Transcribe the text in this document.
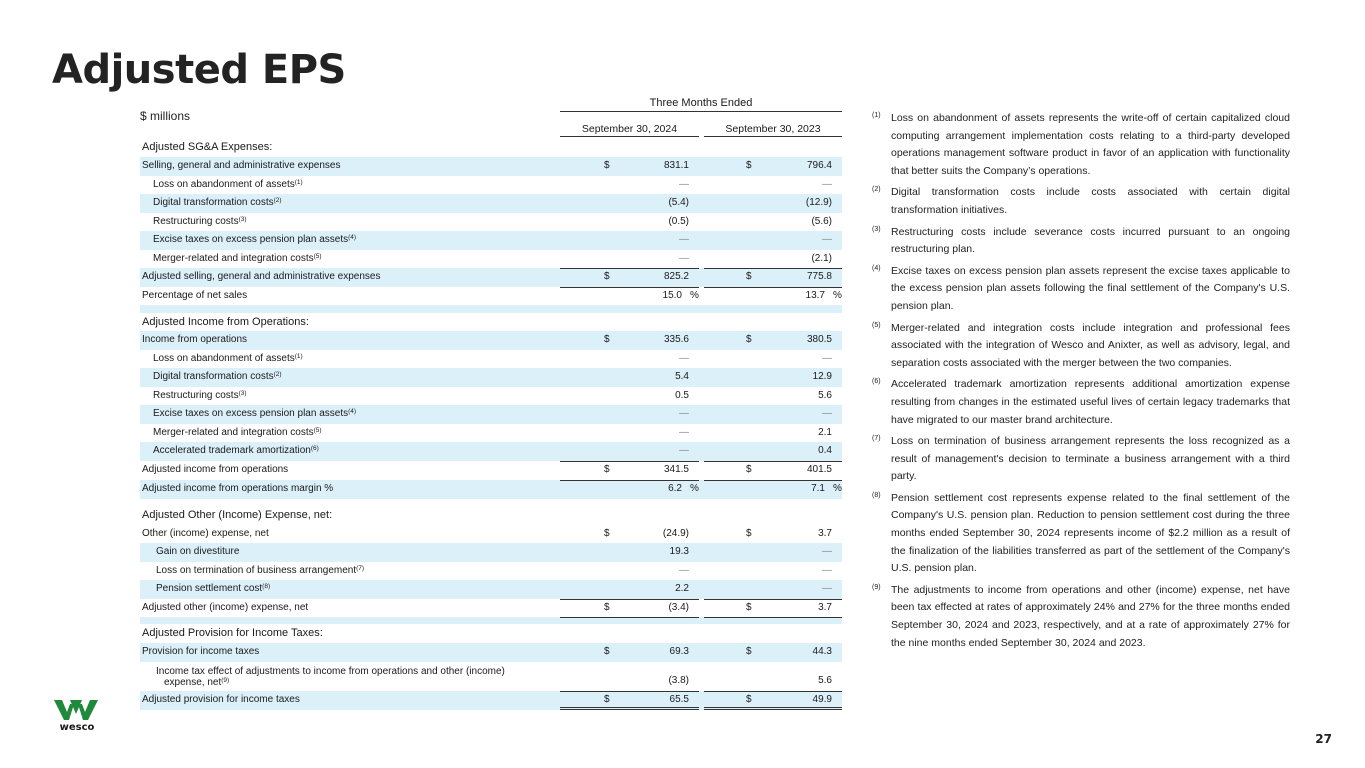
Adjusted EPS
$ millions
Three Months Ended
September 30, 2024	September 30, 2023
Adjusted SG&A Expenses:
Selling, general and administrative expenses	$	831.1	$	796.4
Loss on abandonment of assets$^{(1)}$	—	—
Digital transformation costs$^{(2)}$	(5.4)	(12.9)
Restructuring costs$^{(3)}$	(0.5)	(5.6)
Excise taxes on excess pension plan assets$^{(4)}$	—	—
Merger-related and integration costs$^{(5)}$	—	(2.1)
Adjusted selling, general and administrative expenses	$	825.2	$	775.8
Percentage of net sales	15.0 %	13.7 %
Adjusted Income from Operations:
Income from operations	$	335.6	$	380.5
Loss on abandonment of assets$^{(1)}$	—	—
Digital transformation costs$^{(2)}$	5.4	12.9
Restructuring costs$^{(3)}$	0.5	5.6
Excise taxes on excess pension plan assets$^{(4)}$	—	—
Merger-related and integration costs$^{(5)}$	—	2.1
Accelerated trademark amortization$^{(6)}$	—	0.4
Adjusted income from operations	$	341.5	$	401.5
Adjusted income from operations margin %	6.2 %	7.1 %
Adjusted Other (Income) Expense, net:
Other (income) expense, net	$	(24.9)	$	3.7
Gain on divestiture	19.3	—
Loss on termination of business arrangement$^{(7)}$	—	—
Pension settlement cost$^{(8)}$	2.2	—
Adjusted other (income) expense, net	$	(3.4)	$	3.7
Adjusted Provision for Income Taxes:
Provision for income taxes	$	69.3	$	44.3
Income tax effect of adjustments to income from operations and other (income)
expense, net$^{(9)}$	(3.8)	5.6
Adjusted provision for income taxes	$	65.5	$	49.9
(1) Loss on abandonment of assets represents the write-off of certain capitalized cloud computing arrangement implementation costs relating to a third-party developed operations management software product in favor of an application with functionality that better suits the Company’s operations.
(2) Digital transformation costs include costs associated with certain digital transformation initiatives.
(3) Restructuring costs include severance costs incurred pursuant to an ongoing restructuring plan.
(4) Excise taxes on excess pension plan assets represent the excise taxes applicable to the excess pension plan assets following the final settlement of the Company's U.S. pension plan.
(5) Merger-related and integration costs include integration and professional fees associated with the integration of Wesco and Anixter, as well as advisory, legal, and separation costs associated with the merger between the two companies.
(6) Accelerated trademark amortization represents additional amortization expense resulting from changes in the estimated useful lives of certain legacy trademarks that have migrated to our master brand architecture.
(7) Loss on termination of business arrangement represents the loss recognized as a result of management's decision to terminate a business arrangement with a third party.
(8) Pension settlement cost represents expense related to the final settlement of the Company's U.S. pension plan. Reduction to pension settlement cost during the three months ended September 30, 2024 represents income of $2.2 million as a result of the finalization of the liabilities transferred as part of the settlement of the Company's U.S. pension plan.
(9) The adjustments to income from operations and other (income) expense, net have been tax effected at rates of approximately 24% and 27% for the three months ended September 30, 2024 and 2023, respectively, and at a rate of approximately 27% for the nine months ended September 30, 2024 and 2023.
wesco
27
